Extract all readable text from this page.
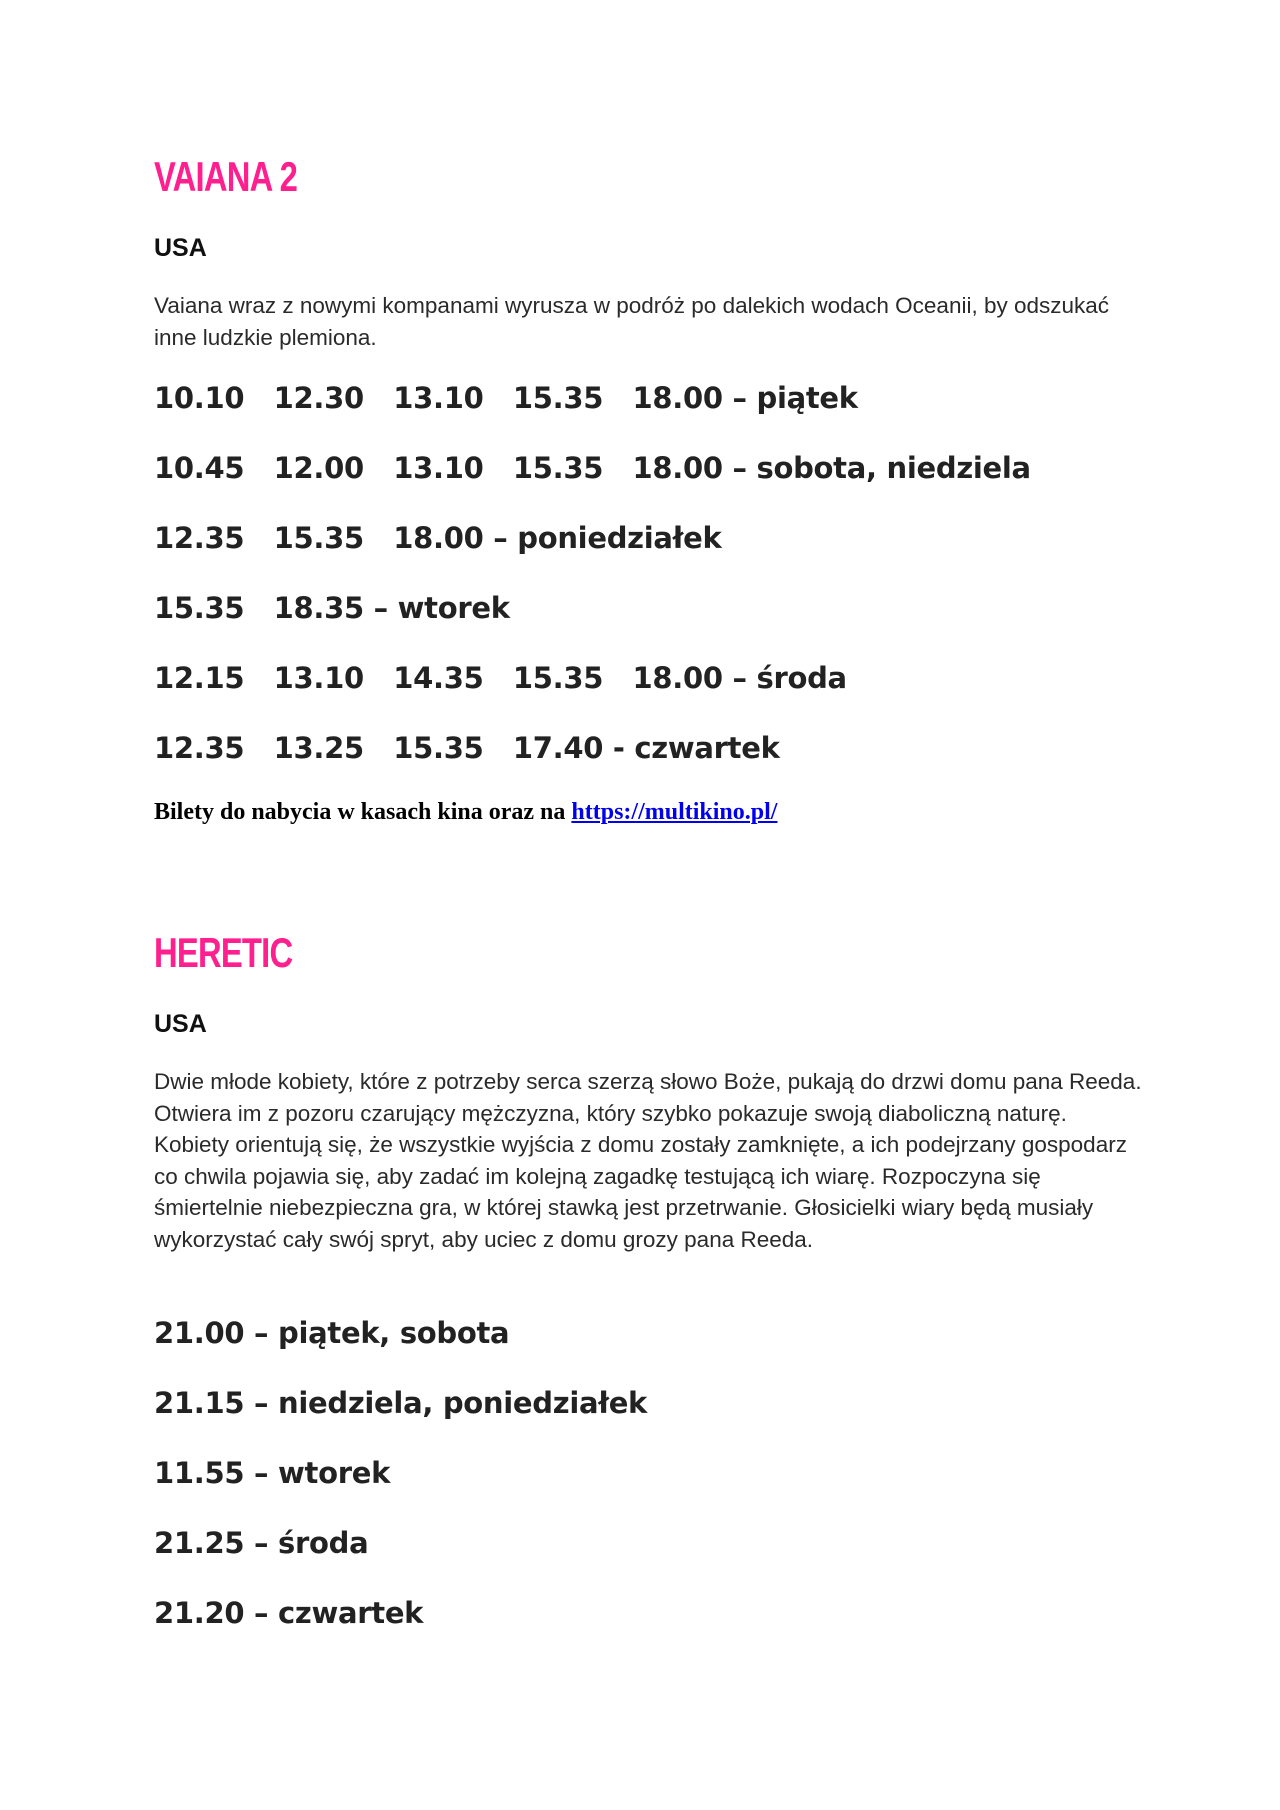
VAIANA 2
USA

Vaiana wraz z nowymi kompanami wyrusza w podróż po dalekich wodach Oceanii, by odszukać inne ludzkie plemiona.

10.10   12.30   13.10   15.35   18.00 – piątek
10.45   12.00   13.10   15.35   18.00 – sobota, niedziela
12.35   15.35   18.00 – poniedziałek
15.35   18.35 – wtorek
12.15   13.10   14.35   15.35   18.00 – środa
12.35   13.25   15.35   17.40 - czwartek

Bilety do nabycia w kasach kina oraz na https://multikino.pl/

HERETIC
USA

Dwie młode kobiety, które z potrzeby serca szerzą słowo Boże, pukają do drzwi domu pana Reeda. Otwiera im z pozoru czarujący mężczyzna, który szybko pokazuje swoją diaboliczną naturę. Kobiety orientują się, że wszystkie wyjścia z domu zostały zamknięte, a ich podejrzany gospodarz co chwila pojawia się, aby zadać im kolejną zagadkę testującą ich wiarę. Rozpoczyna się śmiertelnie niebezpieczna gra, w której stawką jest przetrwanie. Głosicielki wiary będą musiały wykorzystać cały swój spryt, aby uciec z domu grozy pana Reeda.

21.00 – piątek, sobota
21.15 – niedziela, poniedziałek
11.55 – wtorek
21.25 – środa
21.20 – czwartek
